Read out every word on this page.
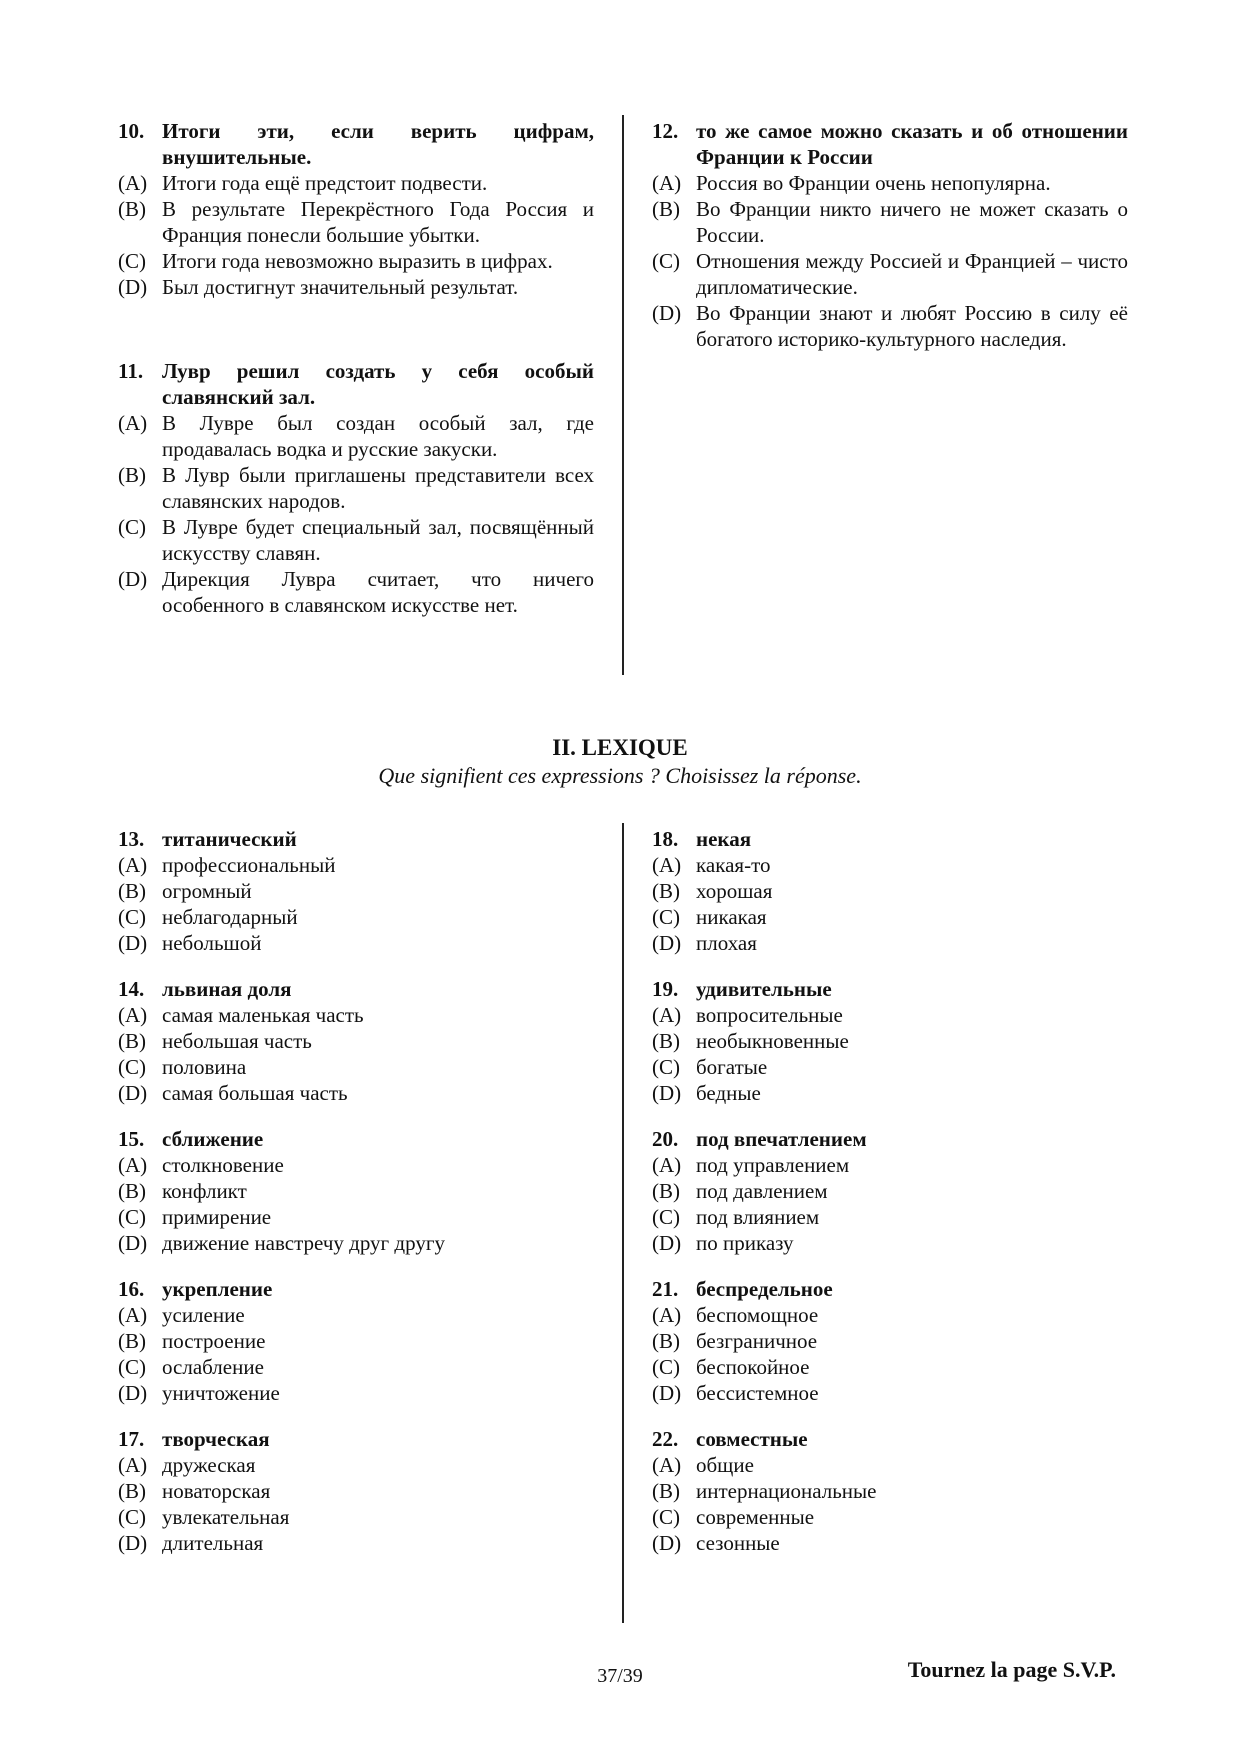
10. Итоги эти, если верить цифрам, внушительные.
(A) Итоги года ещё предстоит подвести.
(B) В результате Перекрёстного Года Россия и Франция понесли большие убытки.
(C) Итоги года невозможно выразить в цифрах.
(D) Был достигнут значительный результат.
11. Лувр решил создать у себя особый славянский зал.
(A) В Лувре был создан особый зал, где продавалась водка и русские закуски.
(B) В Лувр были приглашены представители всех славянских народов.
(C) В Лувре будет специальный зал, посвящённый искусству славян.
(D) Дирекция Лувра считает, что ничего особенного в славянском искусстве нет.
12. то же самое можно сказать и об отношении Франции к России
(A) Россия во Франции очень непопулярна.
(B) Во Франции никто ничего не может сказать о России.
(C) Отношения между Россией и Францией – чисто дипломатические.
(D) Во Франции знают и любят Россию в силу её богатого историко-культурного наследия.
II. LEXIQUE
Que signifient ces expressions ? Choisissez la réponse.
13. титанический
(A) профессиональный
(B) огромный
(C) неблагодарный
(D) небольшой
14. львиная доля
(A) самая маленькая часть
(B) небольшая часть
(C) половина
(D) самая большая часть
15. сближение
(A) столкновение
(B) конфликт
(C) примирение
(D) движение навстречу друг другу
16. укрепление
(A) усиление
(B) построение
(C) ослабление
(D) уничтожение
17. творческая
(A) дружеская
(B) новаторская
(C) увлекательная
(D) длительная
18. некая
(A) какая-то
(B) хорошая
(C) никакая
(D) плохая
19. удивительные
(A) вопросительные
(B) необыкновенные
(C) богатые
(D) бедные
20. под впечатлением
(A) под управлением
(B) под давлением
(C) под влиянием
(D) по приказу
21. беспредельное
(A) беспомощное
(B) безграничное
(C) беспокойное
(D) бессистемное
22. совместные
(A) общие
(B) интернациональные
(C) современные
(D) сезонные
37/39	Tournez la page S.V.P.
